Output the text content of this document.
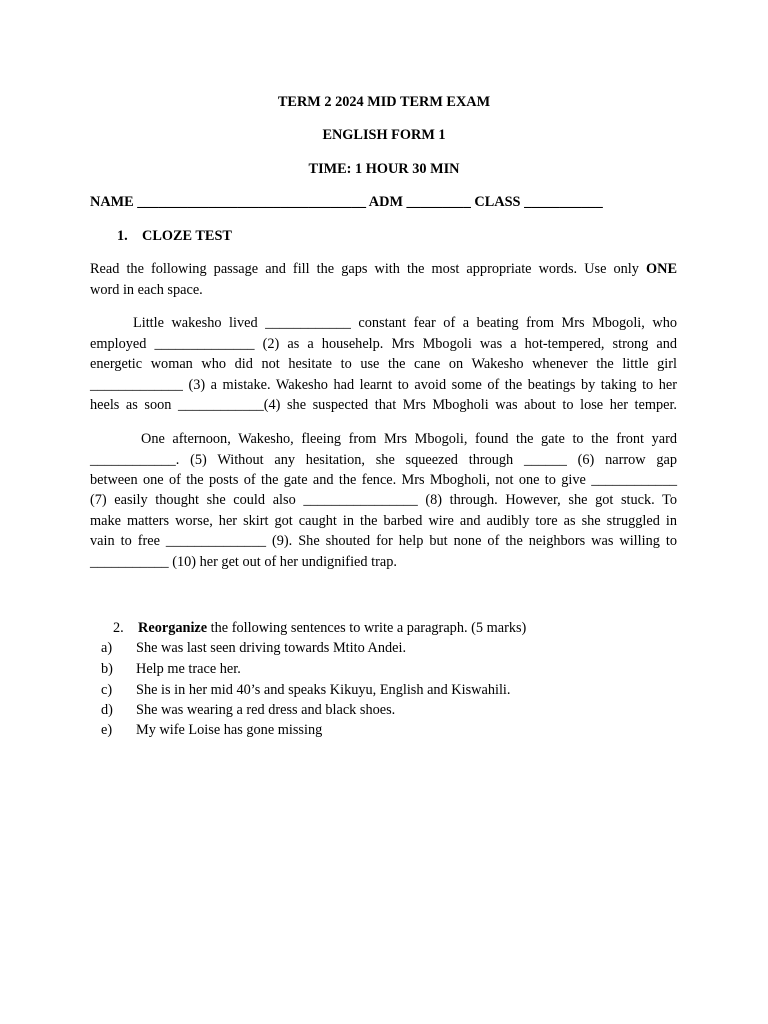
TERM 2 2024 MID TERM EXAM
ENGLISH FORM 1
TIME: 1 HOUR 30 MIN
NAME ________________________________ ADM _________ CLASS ___________
1. CLOZE TEST
Read the following passage and fill the gaps with the most appropriate words. Use only ONE
word in each space.
Little wakesho lived ____________ constant fear of a beating from Mrs Mbogoli, who
employed ______________ (2) as a househelp. Mrs Mbogoli was a hot-tempered, strong and
energetic woman who did not hesitate to use the cane on Wakesho whenever the little girl
_____________ (3) a mistake. Wakesho had learnt to avoid some of the beatings by taking to her
heels as soon ____________(4) she suspected that Mrs Mbogholi was about to lose her temper.
One afternoon, Wakesho, fleeing from Mrs Mbogoli, found the gate to the front yard
____________. (5) Without any hesitation, she squeezed through ______ (6) narrow gap
between one of the posts of the gate and the fence. Mrs Mbogholi, not one to give ____________
(7) easily thought she could also ________________ (8) through. However, she got stuck. To
make matters worse, her skirt got caught in the barbed wire and audibly tore as she struggled in
vain to free ______________ (9). She shouted for help but none of the neighbors was willing to
___________ (10) her get out of her undignified trap.
2. Reorganize the following sentences to write a paragraph. (5 marks)
a) She was last seen driving towards Mtito Andei.
b) Help me trace her.
c) She is in her mid 40’s and speaks Kikuyu, English and Kiswahili.
d) She was wearing a red dress and black shoes.
e) My wife Loise has gone missing
